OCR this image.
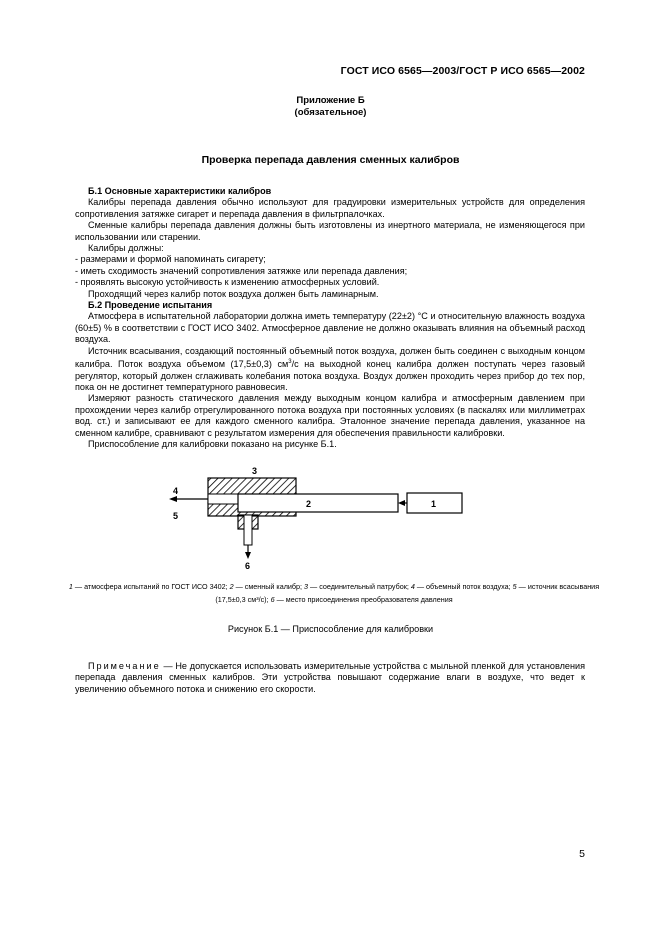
ГОСТ ИСО 6565—2003/ГОСТ Р ИСО 6565—2002
Приложение Б
(обязательное)
Проверка перепада давления сменных калибров

Б.1 Основные характеристики калибров

Калибры перепада давления обычно используют для градуировки измерительных устройств для определения сопротивления затяжке сигарет и перепада давления в фильтрпалочках.

Сменные калибры перепада давления должны быть изготовлены из инертного материала, не изменяющегося при использовании или старении.

Калибры должны:

- размерами и формой напоминать сигарету;

- иметь сходимость значений сопротивления затяжке или перепада давления;

- проявлять высокую устойчивость к изменению атмосферных условий.

Проходящий через калибр поток воздуха должен быть ламинарным.

Б.2 Проведение испытания

Атмосфера в испытательной лаборатории должна иметь температуру (22±2) °С и относительную влажность воздуха (60±5) % в соответствии с ГОСТ ИСО 3402. Атмосферное давление не должно оказывать влияния на объемный расход воздуха.

Источник всасывания, создающий постоянный объемный поток воздуха, должен быть соединен с выходным концом калибра. Поток воздуха объемом (17,5±0,3) $см^3/с$ на выходной конец калибра должен поступать через газовый регулятор, который должен сглаживать колебания потока воздуха. Воздух должен проходить через прибор до тех пор, пока он не достигнет температурного равновесия.

Измеряют разность статического давления между выходным концом калибра и атмосферным давлением при прохождении через калибр отрегулированного потока воздуха при постоянных условиях (в паскалях или миллиметрах вод. ст.) и записывают ее для каждого сменного калибра. Эталонное значение перепада давления, указанное на сменном калибре, сравнивают с результатом измерения для обеспечения правильности калибровки.

Приспособление для калибровки показано на рисунке Б.1.

3
2	1
4
5
6
1 — атмосфера испытаний по ГОСТ ИСО 3402; 2 — сменный калибр; 3 — соединительный патрубок; 4 — объемный поток воздуха; 5 — источник всасывания (17,5±0,3 см³/с); 6 — место присоединения преобразователя давления
Рисунок Б.1 — Приспособление для калибровки
Примечание — Не допускается использовать измерительные устройства с мыльной пленкой для установления перепада давления сменных калибров. Эти устройства повышают содержание влаги в воздухе, что ведет к увеличению объемного потока и снижению его скорости.
5
